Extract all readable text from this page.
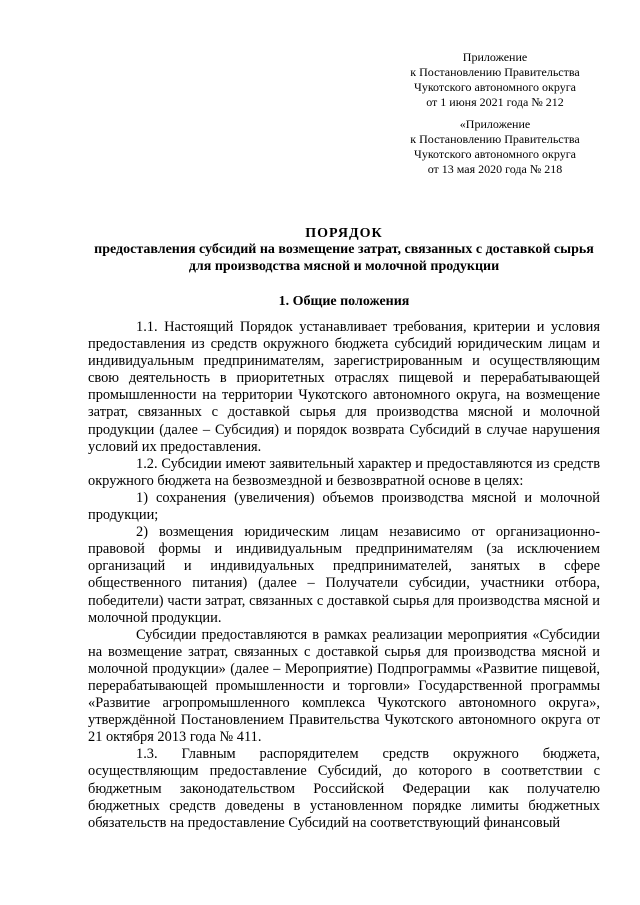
Приложение

к Постановлению Правительства

Чукотского автономного округа

от 1 июня 2021 года № 212

«Приложение

к Постановлению Правительства

Чукотского автономного округа

от 13 мая 2020 года № 218

ПОРЯДОК
предоставления субсидий на возмещение затрат, связанных с доставкой сырья для производства мясной и молочной продукции
1. Общие положения

1.1. Настоящий Порядок устанавливает требования, критерии и условия предоставления из средств окружного бюджета субсидий юридическим лицам и индивидуальным предпринимателям, зарегистрированным и осуществляющим свою деятельность в приоритетных отраслях пищевой и перерабатывающей промышленности на территории Чукотского автономного округа, на возмещение затрат, связанных с доставкой сырья для производства мясной и молочной продукции (далее – Субсидия) и порядок возврата Субсидий в случае нарушения условий их предоставления.

1.2. Субсидии имеют заявительный характер и предоставляются из средств окружного бюджета на безвозмездной и безвозвратной основе в целях:

1) сохранения (увеличения) объемов производства мясной и молочной продукции;

2) возмещения юридическим лицам независимо от организационно-правовой формы и индивидуальным предпринимателям (за исключением организаций и индивидуальных предпринимателей, занятых в сфере общественного питания) (далее – Получатели субсидии, участники отбора, победители) части затрат, связанных с доставкой сырья для производства мясной и молочной продукции.

Субсидии предоставляются в рамках реализации мероприятия «Субсидии на возмещение затрат, связанных с доставкой сырья для производства мясной и молочной продукции» (далее – Мероприятие) Подпрограммы «Развитие пищевой, перерабатывающей промышленности и торговли» Государственной программы «Развитие агропромышленного комплекса Чукотского автономного округа», утверждённой Постановлением Правительства Чукотского автономного округа от 21 октября 2013 года № 411.

1.3. Главным распорядителем средств окружного бюджета, осуществляющим предоставление Субсидий, до которого в соответствии с бюджетным законодательством Российской Федерации как получателю бюджетных средств доведены в установленном порядке лимиты бюджетных обязательств на предоставление Субсидий на соответствующий финансовый
